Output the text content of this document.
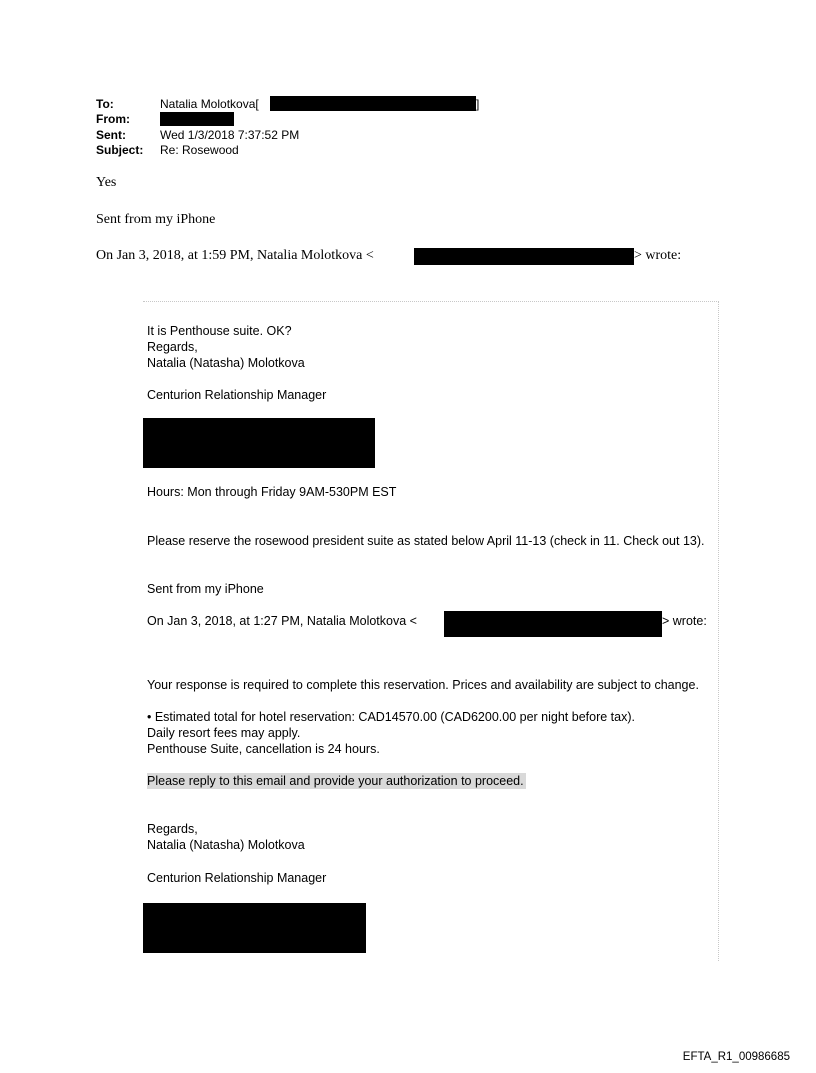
To:	Natalia Molotkova[	]
From:
Sent:	Wed 1/3/2018 7:37:52 PM
Subject: Re: Rosewood
Yes
Sent from my iPhone
On Jan 3, 2018, at 1:59 PM, Natalia Molotkova <	> wrote:
It is Penthouse suite. OK?
Regards,
Natalia (Natasha) Molotkova
Centurion Relationship Manager
Hours: Mon through Friday 9AM-530PM EST
Please reserve the rosewood president suite as stated below April 11-13 (check in 11. Check out 13).
Sent from my iPhone
On Jan 3, 2018, at 1:27 PM, Natalia Molotkova <	> wrote:
Your response is required to complete this reservation. Prices and availability are subject to change.
• Estimated total for hotel reservation: CAD14570.00 (CAD6200.00 per night before tax).
Daily resort fees may apply.
Penthouse Suite, cancellation is 24 hours.
Please reply to this email and provide your authorization to proceed.
Regards,
Natalia (Natasha) Molotkova
Centurion Relationship Manager
EFTA_R1_00986685
